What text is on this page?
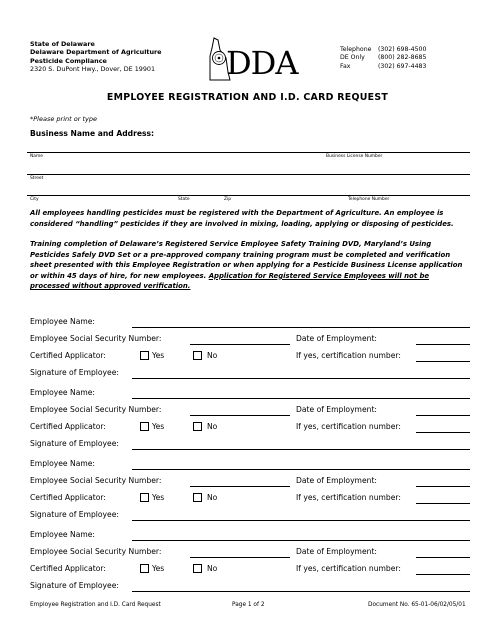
State of Delaware
Delaware Department of Agriculture
Pesticide Compliance
2320 S. DuPont Hwy., Dover, DE 19901 DDA	Telephone	(302) 698-4500
DE Only	(800) 282-8685
Fax	(302) 697-4483
EMPLOYEE REGISTRATION AND I.D. CARD REQUEST
*Please print or type
Business Name and Address:
Name	Business License Number
Street
City	State	Zip	Telephone Number
All employees handling pesticides must be registered with the Department of Agriculture. An employee is considered “handling” pesticides if they are involved in mixing, loading, applying or disposing of pesticides.
Training completion of Delaware’s Registered Service Employee Safety Training DVD, Maryland’s Using Pesticides Safely DVD Set or a pre-approved company training program must be completed and verification sheet presented with this Employee Registration or when applying for a Pesticide Business License application or within 45 days of hire, for new employees. Application for Registered Service Employees will not be processed without approved verification.
Employee Name:
Employee Social Security Number:	Date of Employment:
Certified Applicator:	Yes	No	If yes, certification number:
Signature of Employee:
Employee Name:
Employee Social Security Number:	Date of Employment:
Certified Applicator:	Yes	No	If yes, certification number:
Signature of Employee:
Employee Name:
Employee Social Security Number:	Date of Employment:
Certified Applicator:	Yes	No	If yes, certification number:
Signature of Employee:
Employee Name:
Employee Social Security Number:	Date of Employment:
Certified Applicator:	Yes	No	If yes, certification number:
Signature of Employee:
Employee Registration and I.D. Card Request	Page 1 of 2	Document No. 65-01-06/02/05/01
